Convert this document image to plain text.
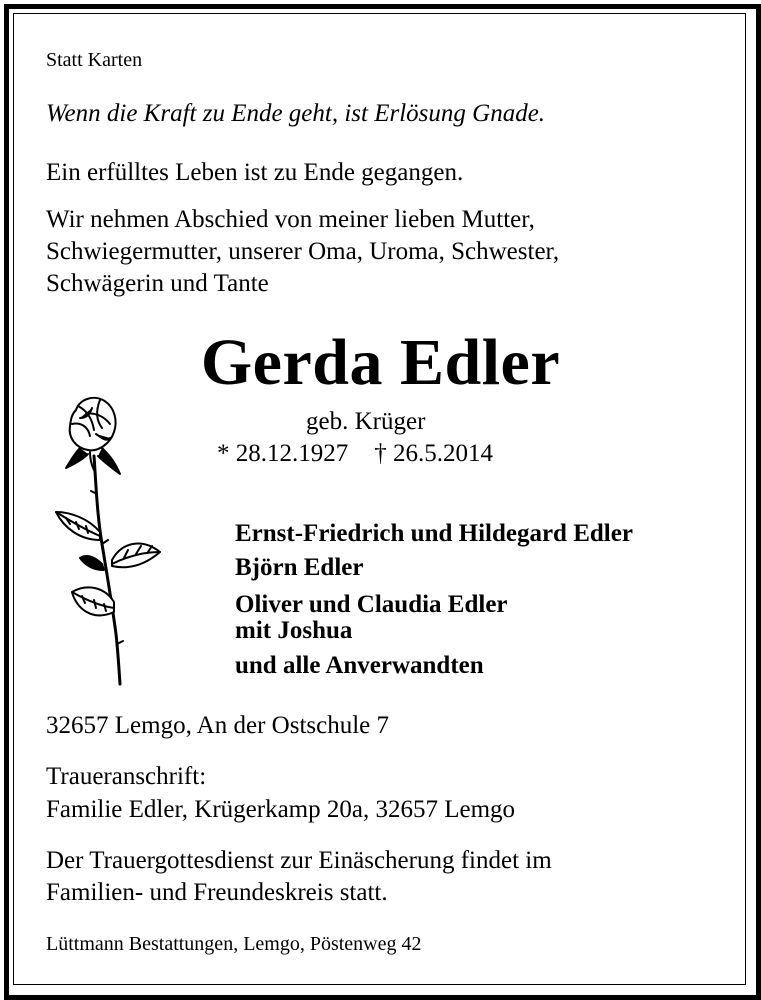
Statt Karten
Wenn die Kraft zu Ende geht, ist Erlösung Gnade.
Ein erfülltes Leben ist zu Ende gegangen.
Wir nehmen Abschied von meiner lieben Mutter,
Schwiegermutter, unserer Oma, Uroma, Schwester,
Schwägerin und Tante
Gerda Edler
geb. Krüger
* 28.12.1927 † 26.5.2014
Ernst-Friedrich und Hildegard Edler
Björn Edler
Oliver und Claudia Edler
mit Joshua
und alle Anverwandten
32657 Lemgo, An der Ostschule 7
Traueranschrift:
Familie Edler, Krügerkamp 20a, 32657 Lemgo
Der Trauergottesdienst zur Einäscherung findet im
Familien- und Freundeskreis statt.
Lüttmann Bestattungen, Lemgo, Pöstenweg 42
